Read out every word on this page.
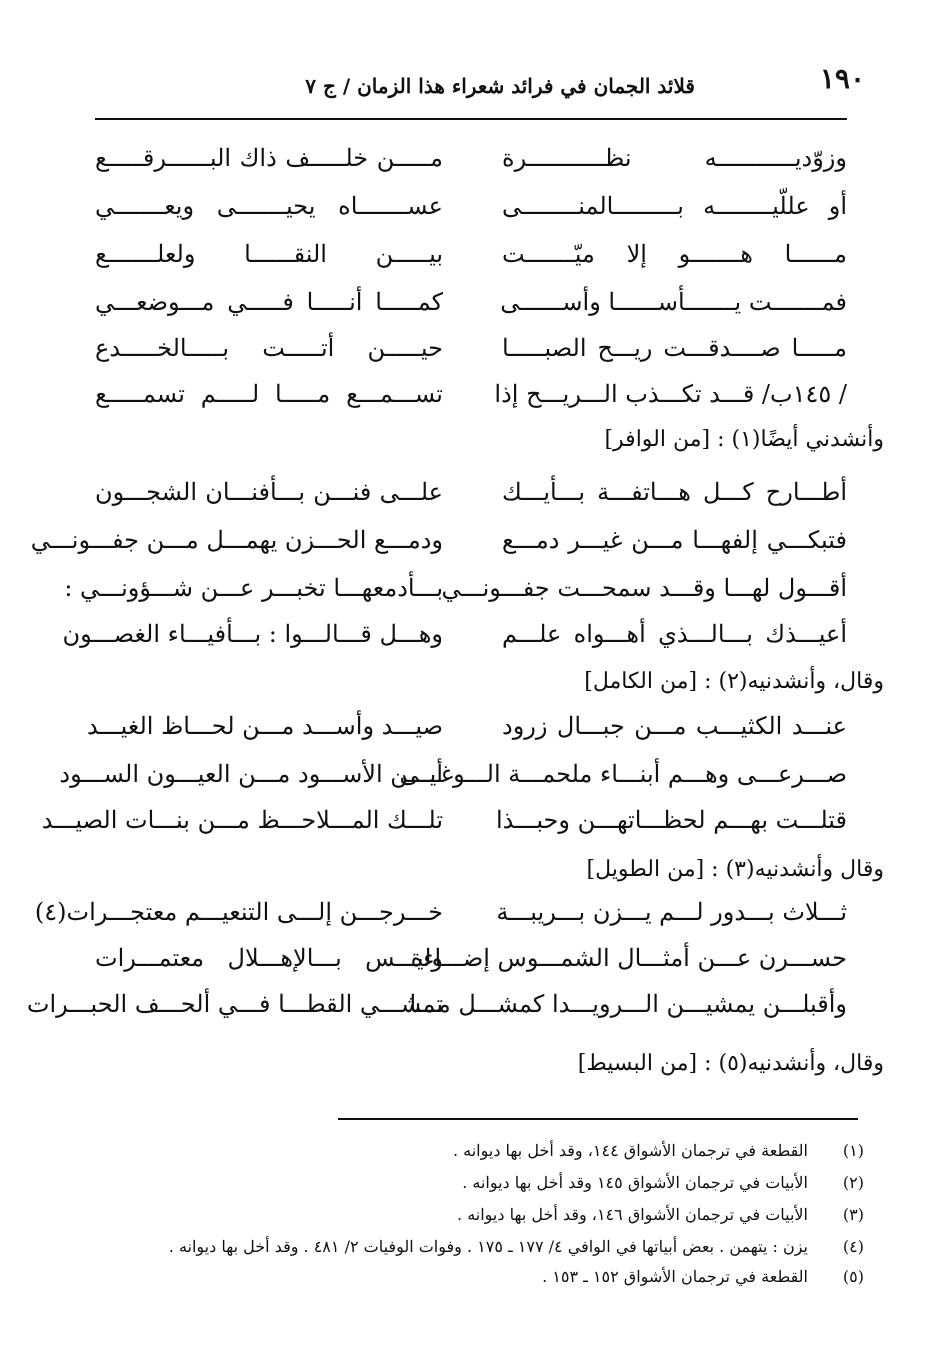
١٩٠
قلائد الجمان في فرائد شعراء هذا الزمان / ج ٧
وزوّديـــــــــــه نظـــــــــــرة
مـــــن خلـــــف ذاك البــــــرقـــــع
أو عللّيــــــــه بـــــــــالمنــــــــى
عســـــــاه يحيـــــــى ويعـــــــي
مــــــا هـــــــو إلا ميّـــــــت
بيـــــن النقــــــا ولعلـــــــع
فمـــــــت يـــــــأســــــا وأســــــى
كمـــــا أنـــــا فـــــي مـــوضعـــي
مـــــا صــــدقـــت ريـــح الصبـــــا
حيـــــن أتـــــت بـــــالخـــــدع
/ ١٤٥ب/ قـــد تكـــذب الـــريـــح إذا
تســـمـــع مـــــا لـــــم تسمـــــع
وأنشدني أيضًا(١) : [من الوافر]
أطـــارح كـــل هـــاتفـــة بـــأيـــك
علـــى فنـــن بـــأفنـــان الشجـــون
فتبكـــي إلفهـــا مـــن غيـــر دمـــع
ودمـــع الحـــزن يهمـــل مـــن جفـــونـــي
أقـــول لهـــا وقـــد سمحـــت جفـــونـــي
بـــأدمعهـــا تخبـــر عـــن شـــؤونـــي :
أعيـــذك بـــالـــذي أهـــواه علـــم
وهـــل قـــالـــوا : بـــأفيـــاء الغصـــون
وقال، وأنشدنيه(٢) : [من الكامل]
عنـــد الكثيـــب مـــن جبـــال زرود
صيـــد وأســـد مـــن لحـــاظ الغيـــد
صـــرعـــى وهـــم أبنـــاء ملحمـــة الـــوغـــى
أيـــن الأســـود مـــن العيـــون الســـود
قتلـــت بهـــم لحظـــاتهـــن وحبـــذا
تلـــك المـــلاحـــظ مـــن بنـــات الصيـــد
وقال وأنشدنيه(٣) : [من الطويل]
ثـــلاث بـــدور لـــم يـــزن بـــريبـــة
خـــرجـــن إلـــى التنعيـــم معتجـــرات(٤)
حســـرن عـــن أمثـــال الشمـــوس إضـــاءة
وليـــس بـــالإهـــلال معتمـــرات
وأقبلـــن يمشيـــن الـــرويـــدا كمشـــل مـــا
تمشـــي القطـــا فـــي ألحـــف الحبـــرات
وقال، وأنشدنيه(٥) : [من البسيط]
(١)
القطعة في ترجمان الأشواق ١٤٤، وقد أخل بها ديوانه .
(٢)
الأبيات في ترجمان الأشواق ١٤٥ وقد أخل بها ديوانه .
(٣)
الأبيات في ترجمان الأشواق ١٤٦، وقد أخل بها ديوانه .
(٤)
يزن : يتهمن . بعض أبياتها في الوافي ٤/ ١٧٧ ـ ١٧٥ . وفوات الوفيات ٢/ ٤٨١ . وقد أخل بها ديوانه .
(٥)
القطعة في ترجمان الأشواق ١٥٢ ـ ١٥٣ .
